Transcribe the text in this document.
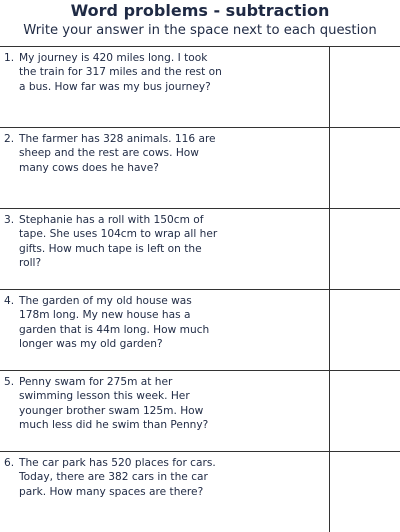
Word problems - subtraction
Write your answer in the space next to each question
1. My journey is 420 miles long. I took the train for 317 miles and the rest on a bus. How far was my bus journey?
2. The farmer has 328 animals. 116 are sheep and the rest are cows. How many cows does he have?
3. Stephanie has a roll with 150cm of tape. She uses 104cm to wrap all her gifts. How much tape is left on the roll?
4. The garden of my old house was 178m long. My new house has a garden that is 44m long. How much longer was my old garden?
5. Penny swam for 275m at her swimming lesson this week. Her younger brother swam 125m. How much less did he swim than Penny?
6. The car park has 520 places for cars. Today, there are 382 cars in the car park. How many spaces are there?
